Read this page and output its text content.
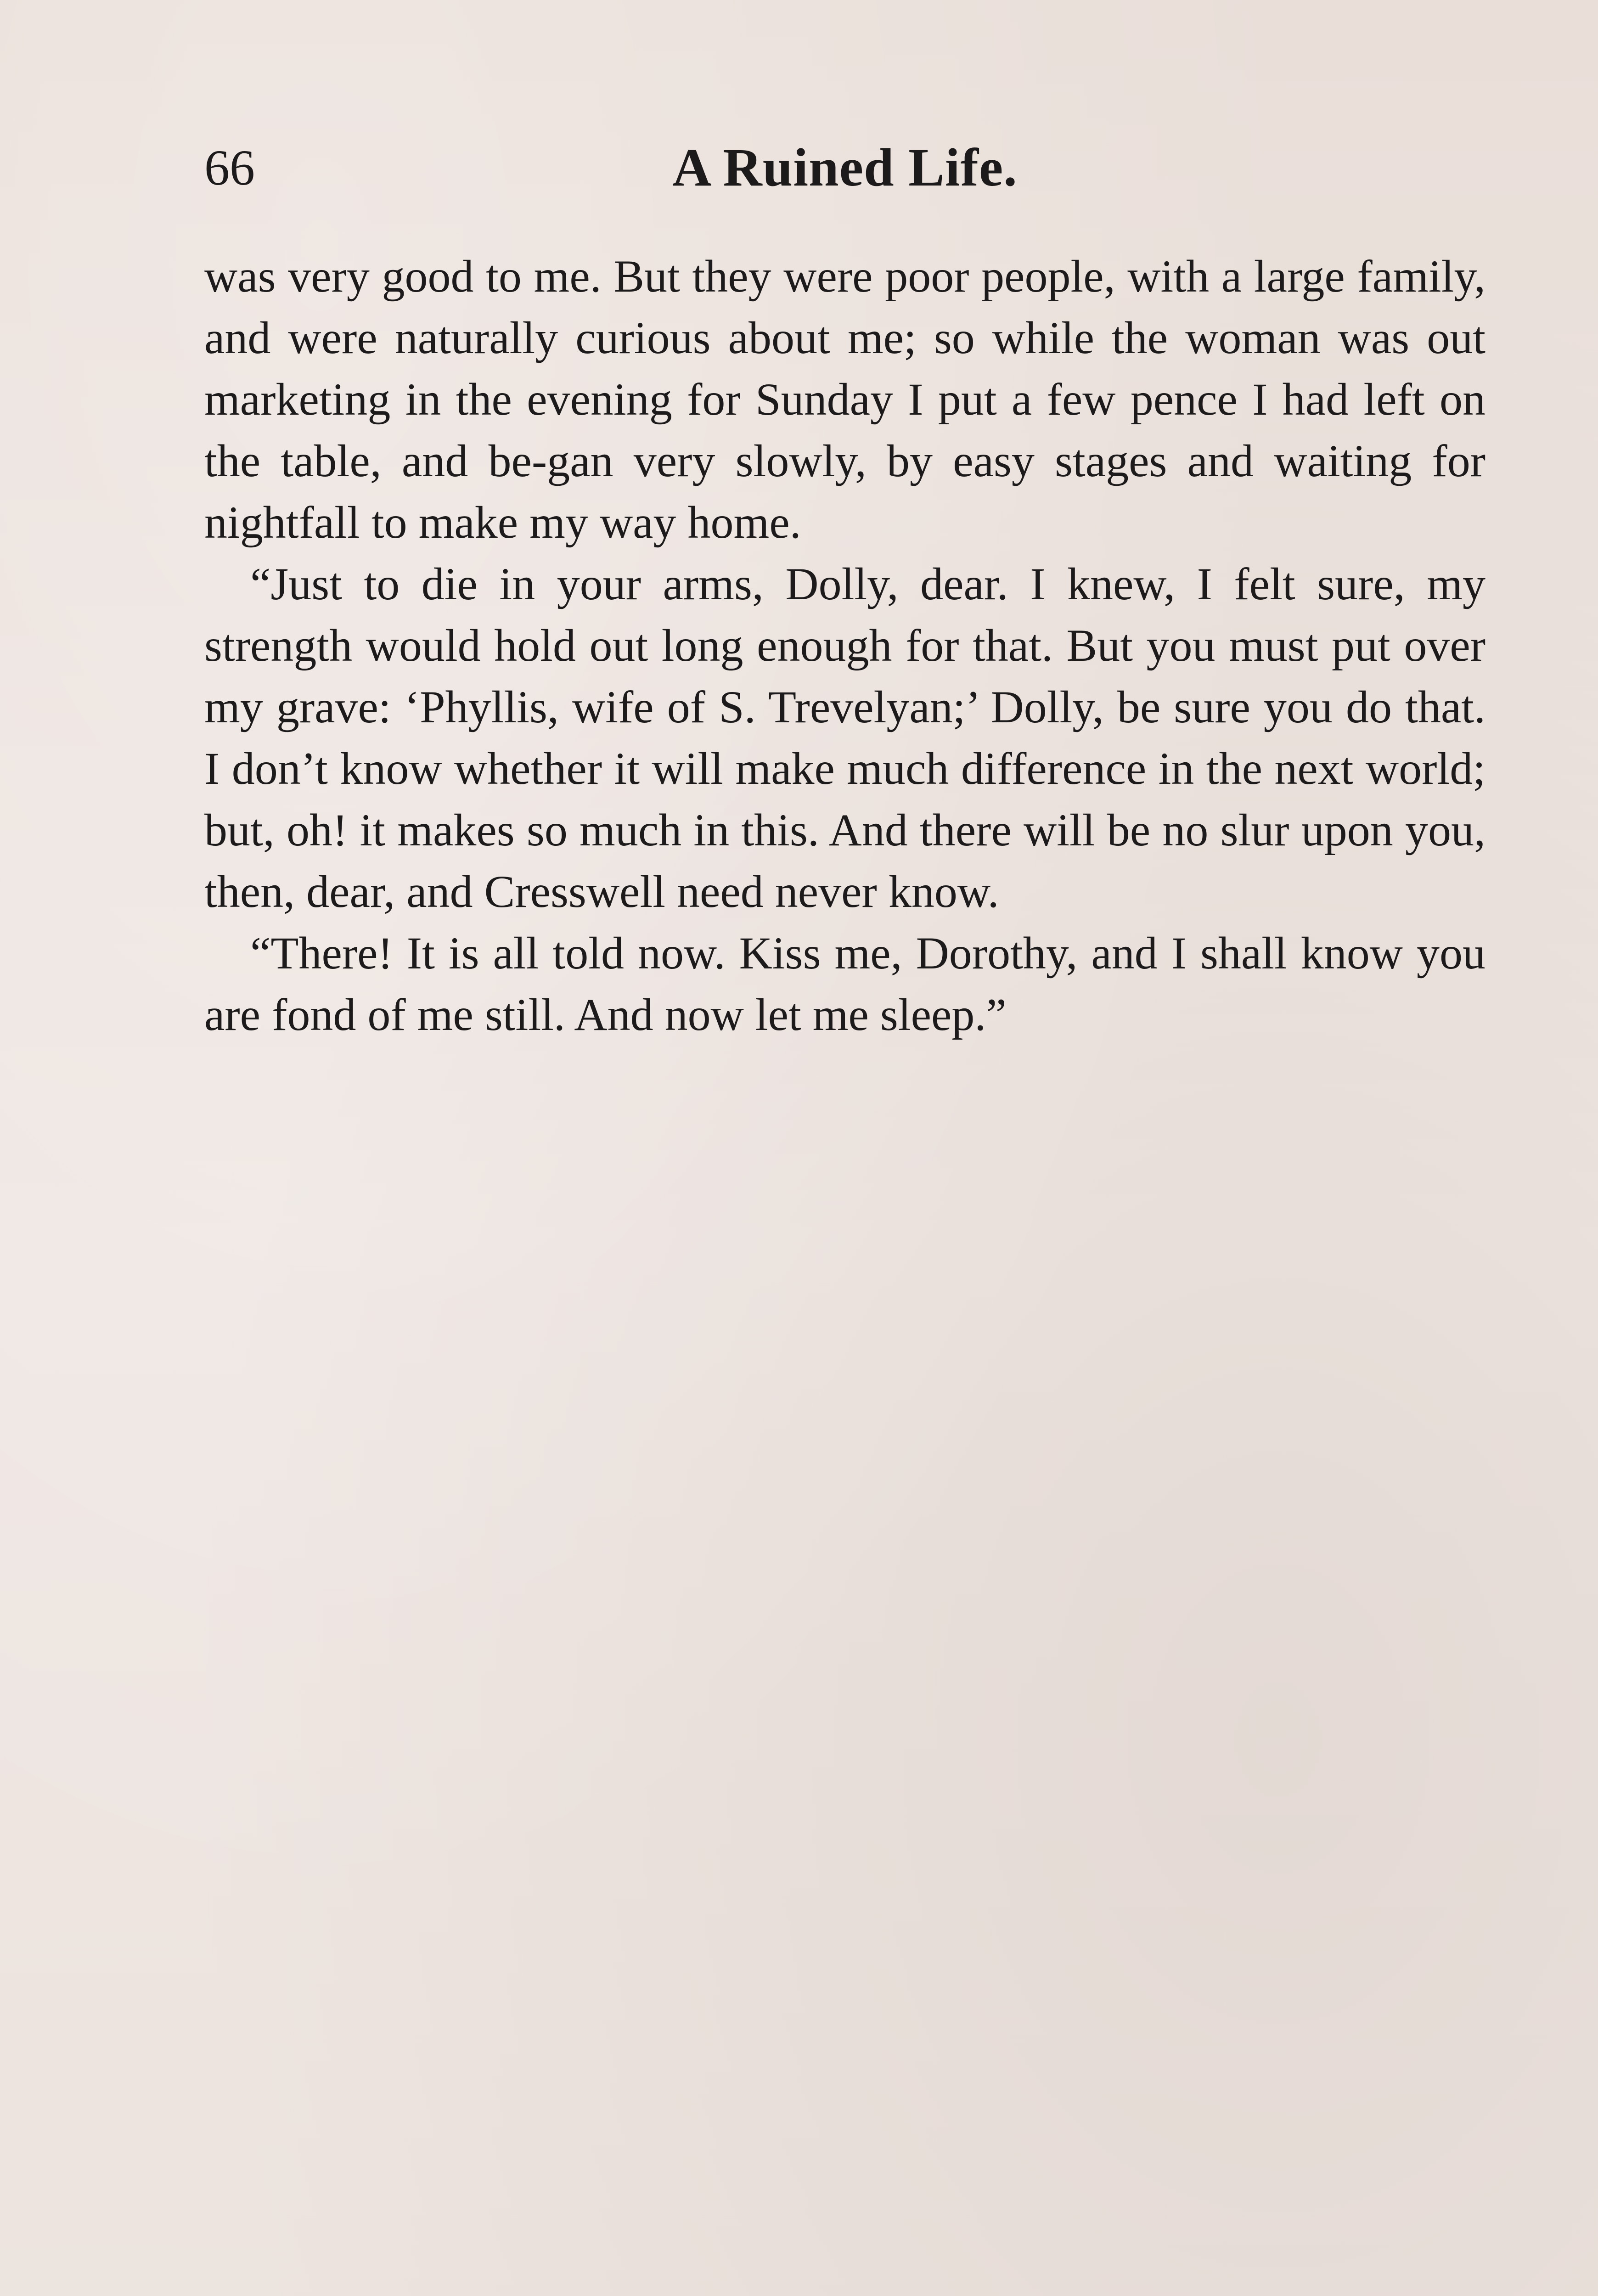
66	A Ruined Life.

was very good to me. But they were poor people, with a large family, and were naturally curious about me; so while the woman was out marketing in the evening for Sunday I put a few pence I had left on the table, and be-gan very slowly, by easy stages and waiting for nightfall to make my way home.

“Just to die in your arms, Dolly, dear. I knew, I felt sure, my strength would hold out long enough for that. But you must put over my grave: ‘Phyllis, wife of S. Trevelyan;’ Dolly, be sure you do that. I don’t know whether it will make much difference in the next world; but, oh! it makes so much in this. And there will be no slur upon you, then, dear, and Cresswell need never know.

“There! It is all told now. Kiss me, Dorothy, and I shall know you are fond of me still. And now let me sleep.”
